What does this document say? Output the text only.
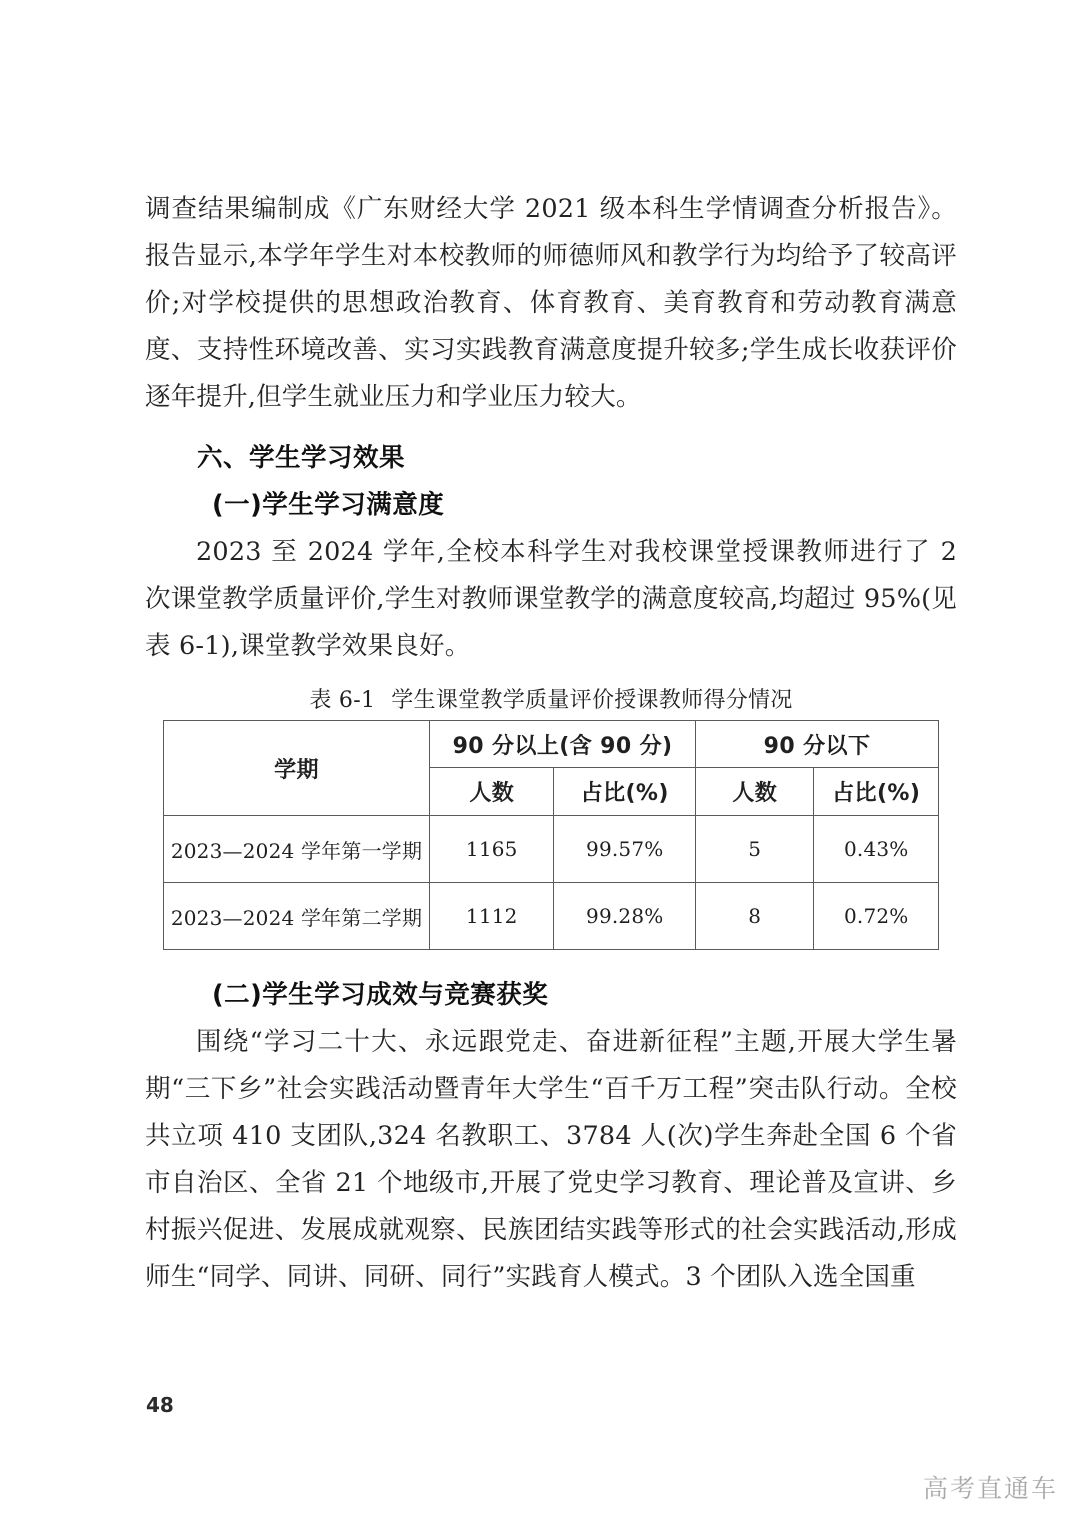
调查结果编制成《广东财经大学 2021 级本科生学情调查分析报告》。报告显示,本学年学生对本校教师的师德师风和教学行为均给予了较高评价;对学校提供的思想政治教育、体育教育、美育教育和劳动教育满意度、支持性环境改善、实习实践教育满意度提升较多;学生成长收获评价逐年提升,但学生就业压力和学业压力较大。

六、学生学习效果
(一)学生学习满意度

2023 至 2024 学年,全校本科学生对我校课堂授课教师进行了 2 次课堂教学质量评价,学生对教师课堂教学的满意度较高,均超过 95%(见表 6-1),课堂教学效果良好。

表 6-1 学生课堂教学质量评价授课教师得分情况
学期	90 分以上(含 90 分)		90 分以下	
	人数	占比(%)	人数	占比(%)
2023—2024 学年第一学期	1165	99.57%	5	0.43%
2023—2024 学年第二学期	1112	99.28%	8	0.72%
(二)学生学习成效与竞赛获奖

围绕“学习二十大、永远跟党走、奋进新征程”主题,开展大学生暑期“三下乡”社会实践活动暨青年大学生“百千万工程”突击队行动。全校共立项 410 支团队,324 名教职工、3784 人(次)学生奔赴全国 6 个省市自治区、全省 21 个地级市,开展了党史学习教育、理论普及宣讲、乡村振兴促进、发展成就观察、民族团结实践等形式的社会实践活动,形成师生“同学、同讲、同研、同行”实践育人模式。3 个团队入选全国重

48
高考直通车
